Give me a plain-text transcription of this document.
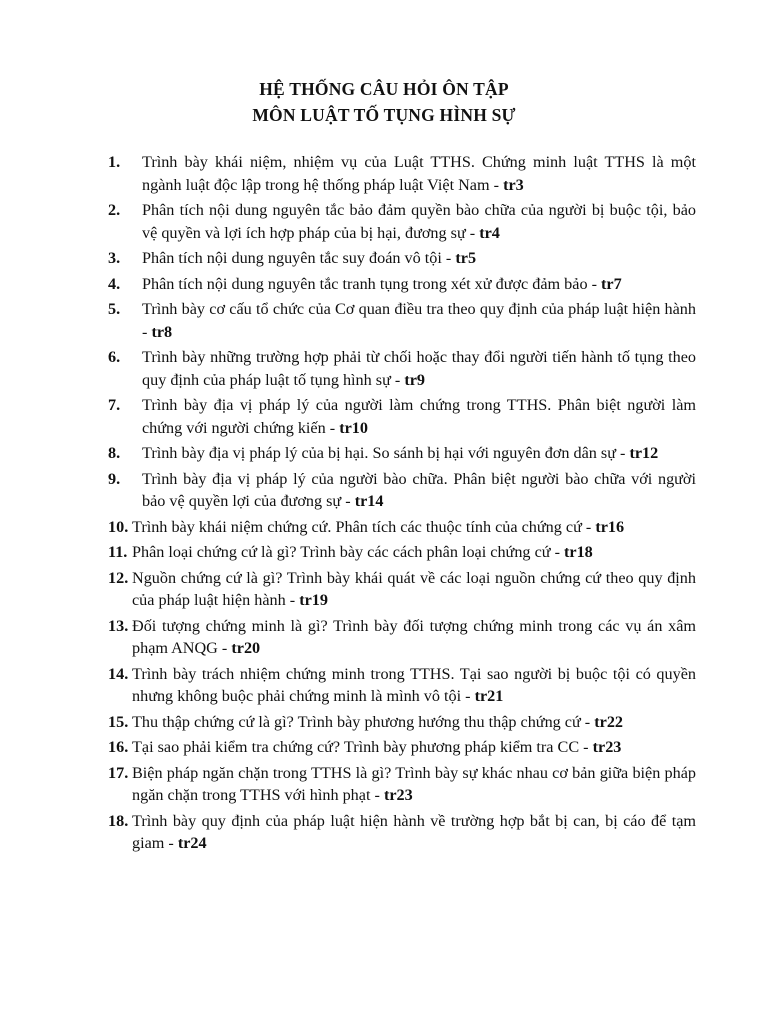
HỆ THỐNG CÂU HỎI ÔN TẬP
MÔN LUẬT TỐ TỤNG HÌNH SỰ
1.	Trình bày khái niệm, nhiệm vụ của Luật TTHS. Chứng minh luật TTHS là một ngành luật độc lập trong hệ thống pháp luật Việt Nam - tr3
2.	Phân tích nội dung nguyên tắc bảo đảm quyền bào chữa của người bị buộc tội, bảo vệ quyền và lợi ích hợp pháp của bị hại, đương sự - tr4
3.	Phân tích nội dung nguyên tắc suy đoán vô tội - tr5
4.	Phân tích nội dung nguyên tắc tranh tụng trong xét xử được đảm bảo - tr7
5.	Trình bày cơ cấu tổ chức của Cơ quan điều tra theo quy định của pháp luật hiện hành - tr8
6.	Trình bày những trường hợp phải từ chối hoặc thay đổi người tiến hành tố tụng theo quy định của pháp luật tố tụng hình sự - tr9
7.	Trình bày địa vị pháp lý của người làm chứng trong TTHS. Phân biệt người làm chứng với người chứng kiến - tr10
8.	Trình bày địa vị pháp lý của bị hại. So sánh bị hại với nguyên đơn dân sự - tr12
9.	Trình bày địa vị pháp lý của người bào chữa. Phân biệt người bào chữa với người bảo vệ quyền lợi của đương sự - tr14
10. Trình bày khái niệm chứng cứ. Phân tích các thuộc tính của chứng cứ - tr16
11. Phân loại chứng cứ là gì? Trình bày các cách phân loại chứng cứ - tr18
12. Nguồn chứng cứ là gì? Trình bày khái quát về các loại nguồn chứng cứ theo quy định của pháp luật hiện hành - tr19
13. Đối tượng chứng minh là gì? Trình bày đối tượng chứng minh trong các vụ án xâm phạm ANQG - tr20
14. Trình bày trách nhiệm chứng minh trong TTHS. Tại sao người bị buộc tội có quyền nhưng không buộc phải chứng minh là mình vô tội - tr21
15. Thu thập chứng cứ là gì? Trình bày phương hướng thu thập chứng cứ - tr22
16. Tại sao phải kiểm tra chứng cứ? Trình bày phương pháp kiểm tra CC - tr23
17. Biện pháp ngăn chặn trong TTHS là gì? Trình bày sự khác nhau cơ bản giữa biện pháp ngăn chặn trong TTHS với hình phạt - tr23
18. Trình bày quy định của pháp luật hiện hành về trường hợp bắt bị can, bị cáo để tạm giam - tr24
